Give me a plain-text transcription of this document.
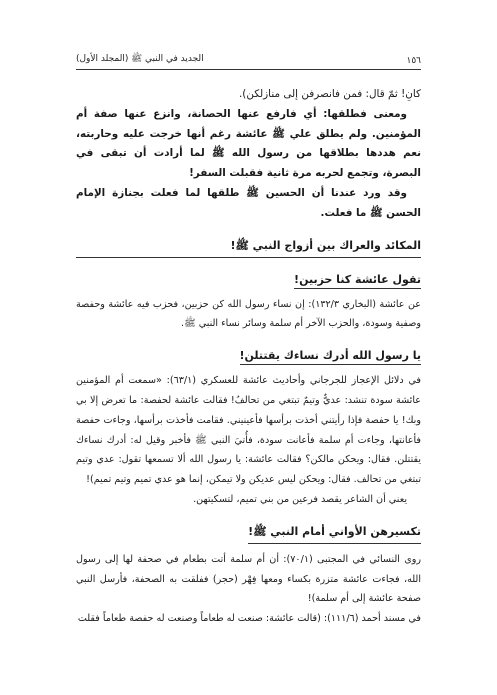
١٥٦
الجديد في النبي ﷺ (المجلد الأول)

كانِ! ثمّ قال: فمن فانصرفن إلى منازلكن).

ومعنى فطلقها: أي فارفع عنها الحصانة، وانزع عنها صفة أم المؤمنين. ولم يطلق علي ﷺ عائشة رغم أنها خرجت عليه وحاربته، نعم هددها بطلاقها من رسول الله ﷺ لما أرادت أن تبقى في البصرة، وتجمع لحربه مرة ثانية فقبلت السفر!

وقد ورد عندنا أن الحسين ﷺ طلقها لما فعلت بجنازة الإمام الحسن ﷺ ما فعلت.

المكائد والعراك بين أزواج النبي ﷺ!
تقول عائشة كنا حزبين!

عن عائشة (البخاري ١٣٢/٣): إن نساء رسول الله كن حزبين، فحزب فيه عائشة وحفصة وصفية وسودة، والحزب الآخر أم سلمة وسائر نساء النبي ﷺ.

يا رسول الله أدرك نساءك يقتتلن!

في دلائل الإعجاز للجرجاني وأحاديث عائشة للعسكري (٦٣/١): «سمعت أم المؤمنين عائشة سودة تنشد: عديٌّ وتيمٌ تبتغي من تحالفُ! فقالت عائشة لحفصة: ما تعرض إلا بي وبك! يا حفصة فإذا رأيتني أخذت برأسها فأعينيني. فقامت فأخذت برأسها، وجاءت حفصة فأعانتها، وجاءت أم سلمة فأعانت سودة، فأُتيَ النبي ﷺ فأخبر وقيل له: أدرك نساءك يقتتلن. فقال: ويحكن مالكن؟ فقالت عائشة: يا رسول الله ألا تسمعها تقول: عدي وتيم تبتغي من تحالف. فقال: ويحكن ليس عديكن ولا تيمكن، إنما هو عدي تميم وتيم تميم)!

يعني أن الشاعر يقصد فرعين من بني تميم، لتسكيتهن.

تكسيرهن الأواني أمام النبي ﷺ!

روى النسائي في المجتبى (٧٠/١): أن أم سلمة أتت بطعام في صحفة لها إلى رسول الله، فجاءت عائشة متزرة بكساء ومعها فِهْر (حجر) ففلقت به الصحفة، فأرسل النبي صفحة عائشة إلى أم سلمة)!

في مسند أحمد (١١١/٦): (قالت عائشة: صنعت له طعاماً وصنعت له حفصة طعاماً فقلت
